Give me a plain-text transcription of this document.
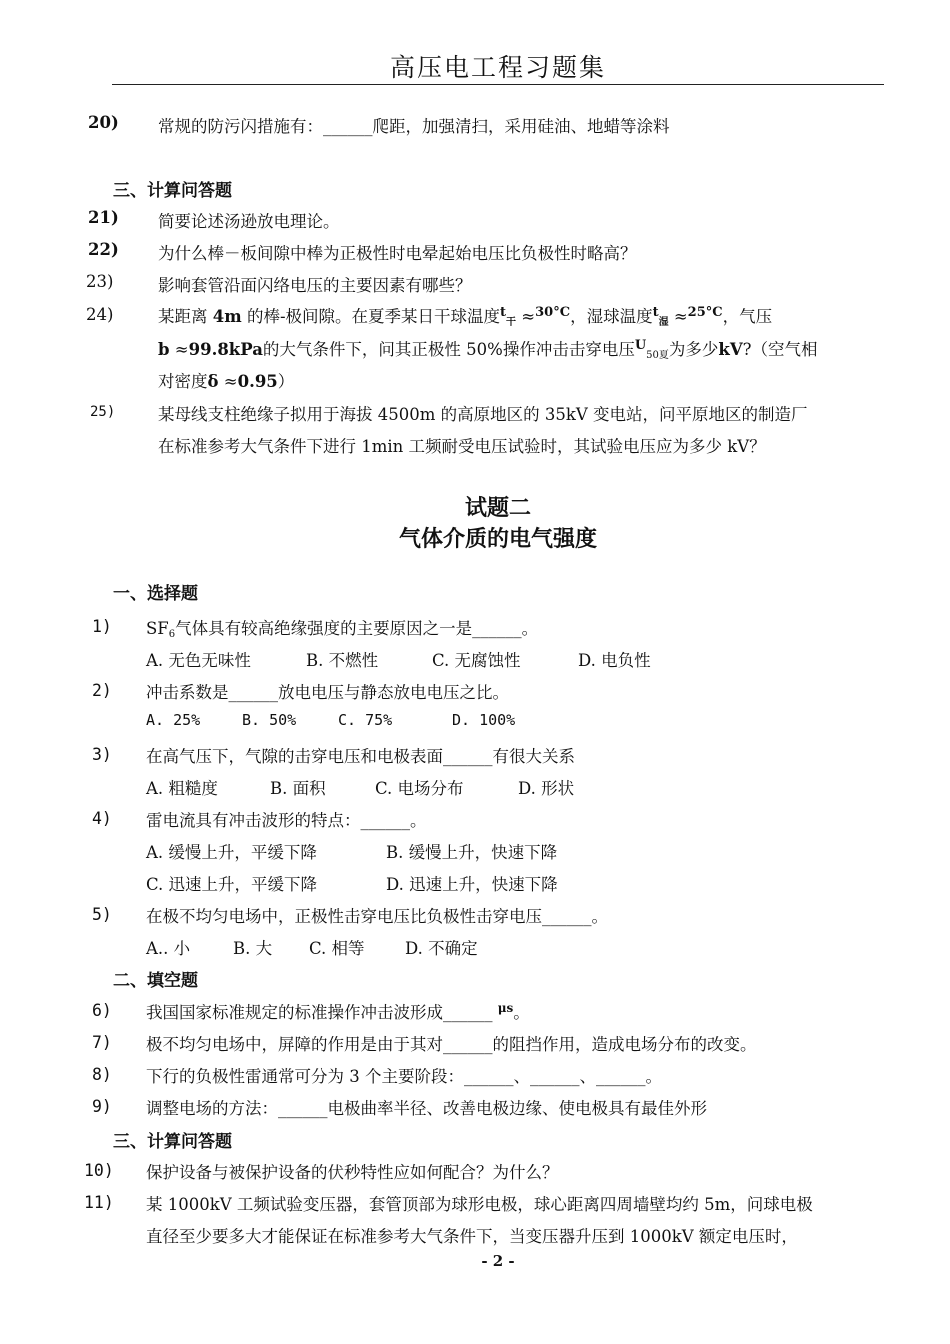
高压电工程习题集
20) 常规的防污闪措施有：______爬距，加强清扫，采用硅油、地蜡等涂料
三、计算问答题
21) 简要论述汤逊放电理论。
22) 为什么棒－板间隙中棒为正极性时电晕起始电压比负极性时略高？
23)	影响套管沿面闪络电压的主要因素有哪些？
24)	某距离 4m 的棒-极间隙。在夏季某日干球温度$^t_干$ ≈$^{30^\circ C}$，湿球温度$^t_湿$ ≈$^{25^\circ C}$，气压
b ≈99.8kPa的大气条件下，问其正极性 50%操作冲击击穿电压$^U_{50夏}$为多少kV?（空气相
对密度δ ≈0.95）
25)	某母线支柱绝缘子拟用于海拔 4500m 的高原地区的 35kV 变电站，问平原地区的制造厂
在标准参考大气条件下进行 1min 工频耐受电压试验时，其试验电压应为多少 kV？
试题二
气体介质的电气强度
一、选择题
1) $SF_6$气体具有较高绝缘强度的主要原因之一是______。
A. 无色无味性	B. 不燃性	C. 无腐蚀性	D. 电负性
2) 冲击系数是______放电电压与静态放电电压之比。
A. 25%	B. 50%	C. 75%	D. 100%
3) 在高气压下，气隙的击穿电压和电极表面______有很大关系
A. 粗糙度	B. 面积	C. 电场分布	D. 形状
4) 雷电流具有冲击波形的特点：______。
A. 缓慢上升，平缓下降	B. 缓慢上升，快速下降
C. 迅速上升，平缓下降	D. 迅速上升，快速下降
5) 在极不均匀电场中，正极性击穿电压比负极性击穿电压______。
A.. 小	B. 大 C. 相等 D. 不确定
二、填空题
6) 我国国家标准规定的标准操作冲击波形成______ $^{\mu s}$。
7) 极不均匀电场中，屏障的作用是由于其对______的阻挡作用，造成电场分布的改变。
8) 下行的负极性雷通常可分为 3 个主要阶段：______、______、______。
9) 调整电场的方法：______电极曲率半径、改善电极边缘、使电极具有最佳外形
三、计算问答题
10) 保护设备与被保护设备的伏秒特性应如何配合？为什么？
11) 某 1000kV 工频试验变压器，套管顶部为球形电极，球心距离四周墙壁均约 5m，问球电极
直径至少要多大才能保证在标准参考大气条件下，当变压器升压到 1000kV 额定电压时，
- 2 -
